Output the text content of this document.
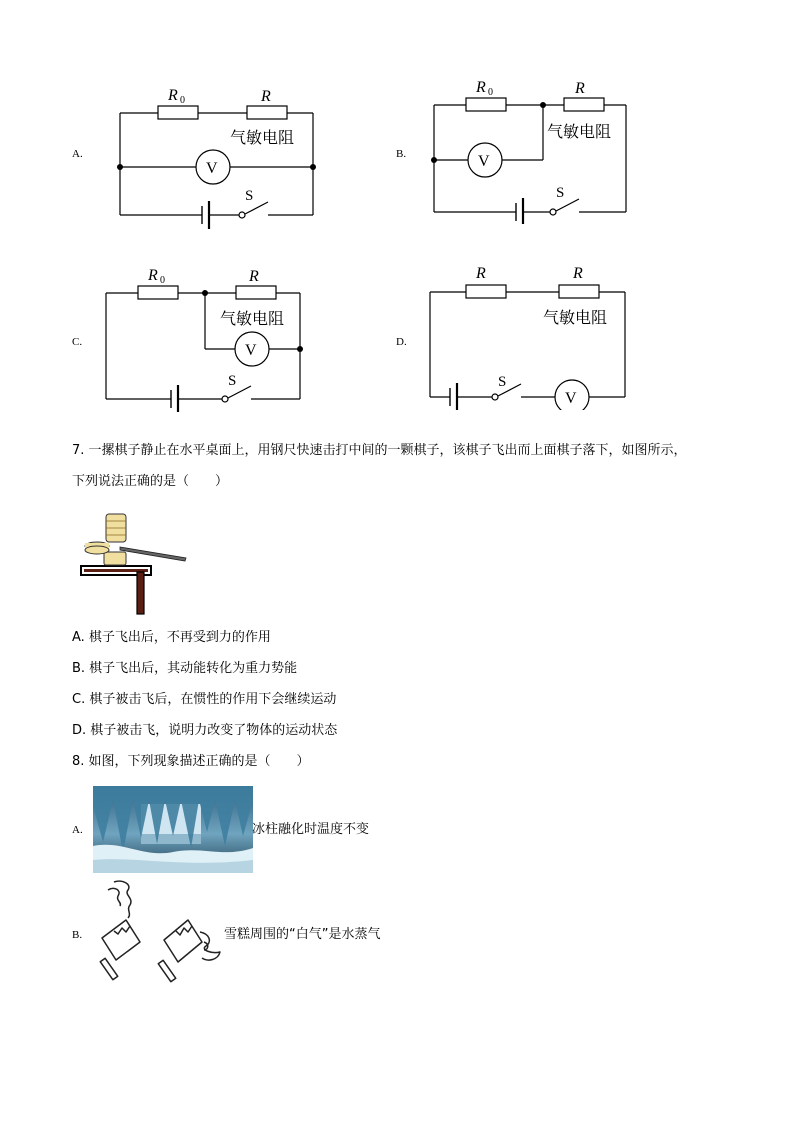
A.
R 0	R
气敏电阻
V
S
B.
R 0	R
气敏电阻
V
S
C.
R 0	R
气敏电阻
V
S
D.
R	R
气敏电阻
V
S
7. 一摞棋子静止在水平桌面上，用钢尺快速击打中间的一颗棋子，该棋子飞出而上面棋子落下，如图所示，
下列说法正确的是（　　）
A. 棋子飞出后，不再受到力的作用
B. 棋子飞出后，其动能转化为重力势能
C. 棋子被击飞后，在惯性的作用下会继续运动
D. 棋子被击飞，说明力改变了物体的运动状态
8. 如图，下列现象描述正确的是（　　）
A.	冰柱融化时温度不变
B.	雪糕周围的“白气”是水蒸气
